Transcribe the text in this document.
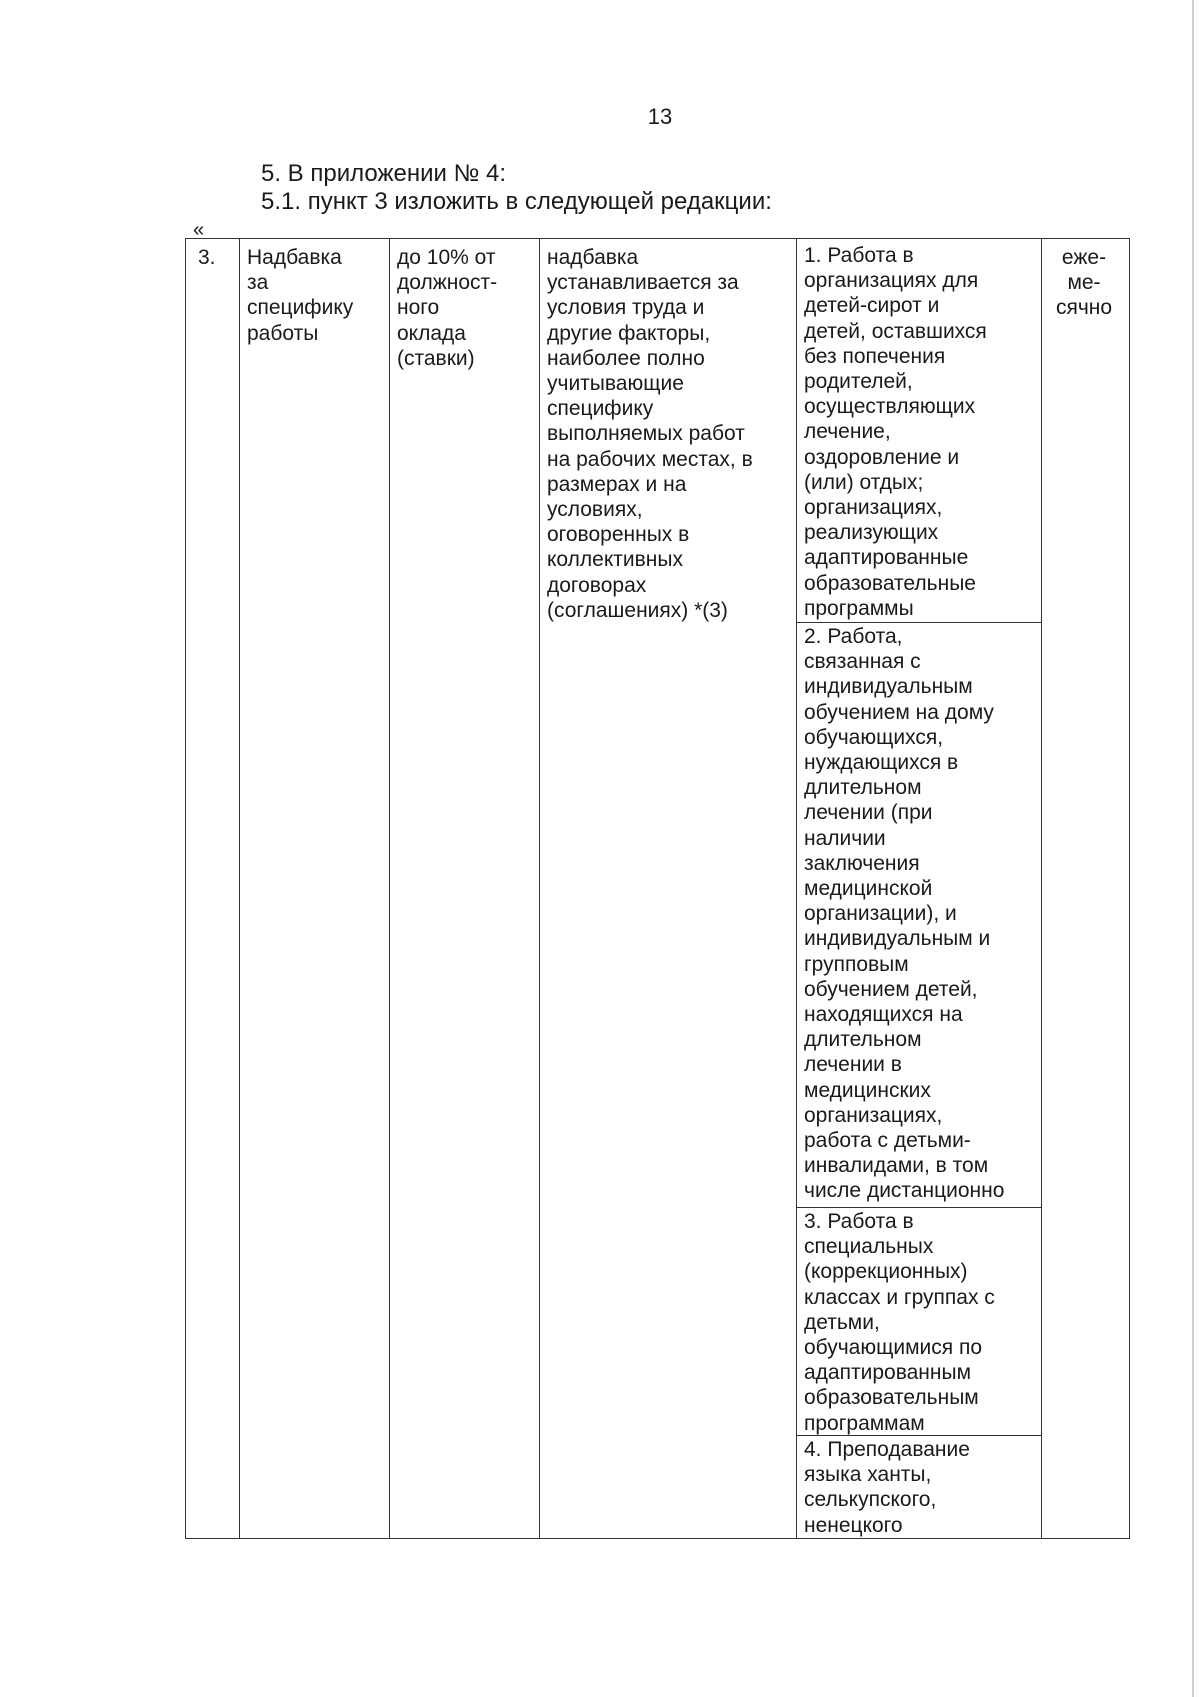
13
5. В приложении № 4:
5.1. пункт 3 изложить в следующей редакции:
«
3. Надбавка
за
специфику
работы
до 10% от
должност-
ного
оклада
(ставки)
надбавка
устанавливается за
условия труда и
другие факторы,
наиболее полно
учитывающие
специфику
выполняемых работ
на рабочих местах, в
размерах и на
условиях,
оговоренных в
коллективных
договорах
(соглашениях) *(3)
1. Работа в
организациях для
детей-сирот и
детей, оставшихся
без попечения
родителей,
осуществляющих
лечение,
оздоровление и
(или) отдых;
организациях,
реализующих
адаптированные
образовательные
программы
2. Работа,
связанная с
индивидуальным
обучением на дому
обучающихся,
нуждающихся в
длительном
лечении (при
наличии
заключения
медицинской
организации), и
индивидуальным и
групповым
обучением детей,
находящихся на
длительном
лечении в
медицинских
организациях,
работа с детьми-
инвалидами, в том
числе дистанционно
3. Работа в
специальных
(коррекционных)
классах и группах с
детьми,
обучающимися по
адаптированным
образовательным
программам
4. Преподавание
языка ханты,
селькупского,
ненецкого
еже-
ме-
сячно
